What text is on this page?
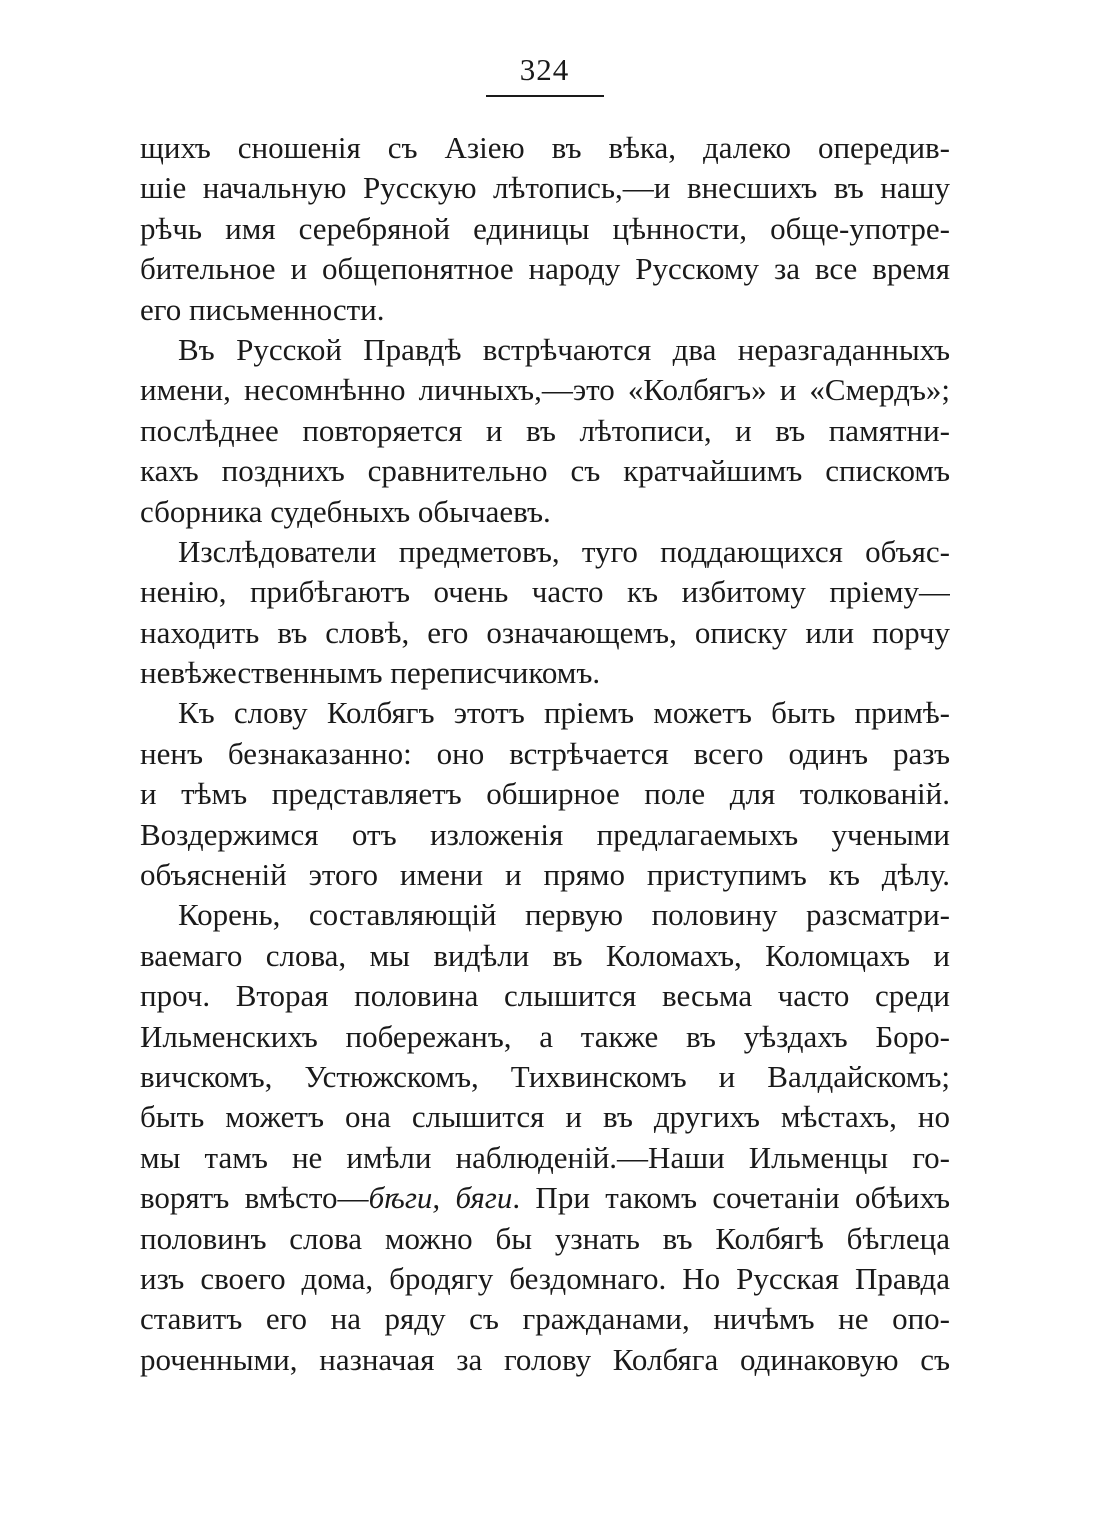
324
щихъ сношенія съ Азіею въ вѣка, далеко опередив-
шіе начальную Русскую лѣтопись,—и внесшихъ въ нашу
рѣчь имя серебряной единицы цѣнности, обще-употре-
бительное и общепонятное народу Русскому за все время
его письменности.
Въ Русской Правдѣ встрѣчаются два неразгаданныхъ
имени, несомнѣнно личныхъ,—это «Колбягъ» и «Смердъ»;
послѣднее повторяется и въ лѣтописи, и въ памятни-
кахъ позднихъ сравнительно съ кратчайшимъ спискомъ
сборника судебныхъ обычаевъ.
Изслѣдователи предметовъ, туго поддающихся объяс-
ненію, прибѣгаютъ очень часто къ избитому пріему—
находить въ словѣ, его означающемъ, описку или порчу
невѣжественнымъ переписчикомъ.
Къ слову Колбягъ этотъ пріемъ можетъ быть примѣ-
ненъ безнаказанно: оно встрѣчается всего одинъ разъ
и тѣмъ представляетъ обширное поле для толкованій.
Воздержимся отъ изложенія предлагаемыхъ учеными
объясненій этого имени и прямо приступимъ къ дѣлу.
Корень, составляющій первую половину разсматри-
ваемаго слова, мы видѣли въ Коломахъ, Коломцахъ и
проч. Вторая половина слышится весьма часто среди
Ильменскихъ побережанъ, а также въ уѣздахъ Боро-
вичскомъ, Устюжскомъ, Тихвинскомъ и Валдайскомъ;
быть можетъ она слышится и въ другихъ мѣстахъ, но
мы тамъ не имѣли наблюденій.—Наши Ильменцы го-
ворятъ вмѣсто—бѣги, бяги. При такомъ сочетаніи обѣихъ
половинъ слова можно бы узнать въ Колбягѣ бѣглеца
изъ своего дома, бродягу бездомнаго. Но Русская Правда
ставитъ его на ряду съ гражданами, ничѣмъ не опо-
роченными, назначая за голову Колбяга одинаковую съ
